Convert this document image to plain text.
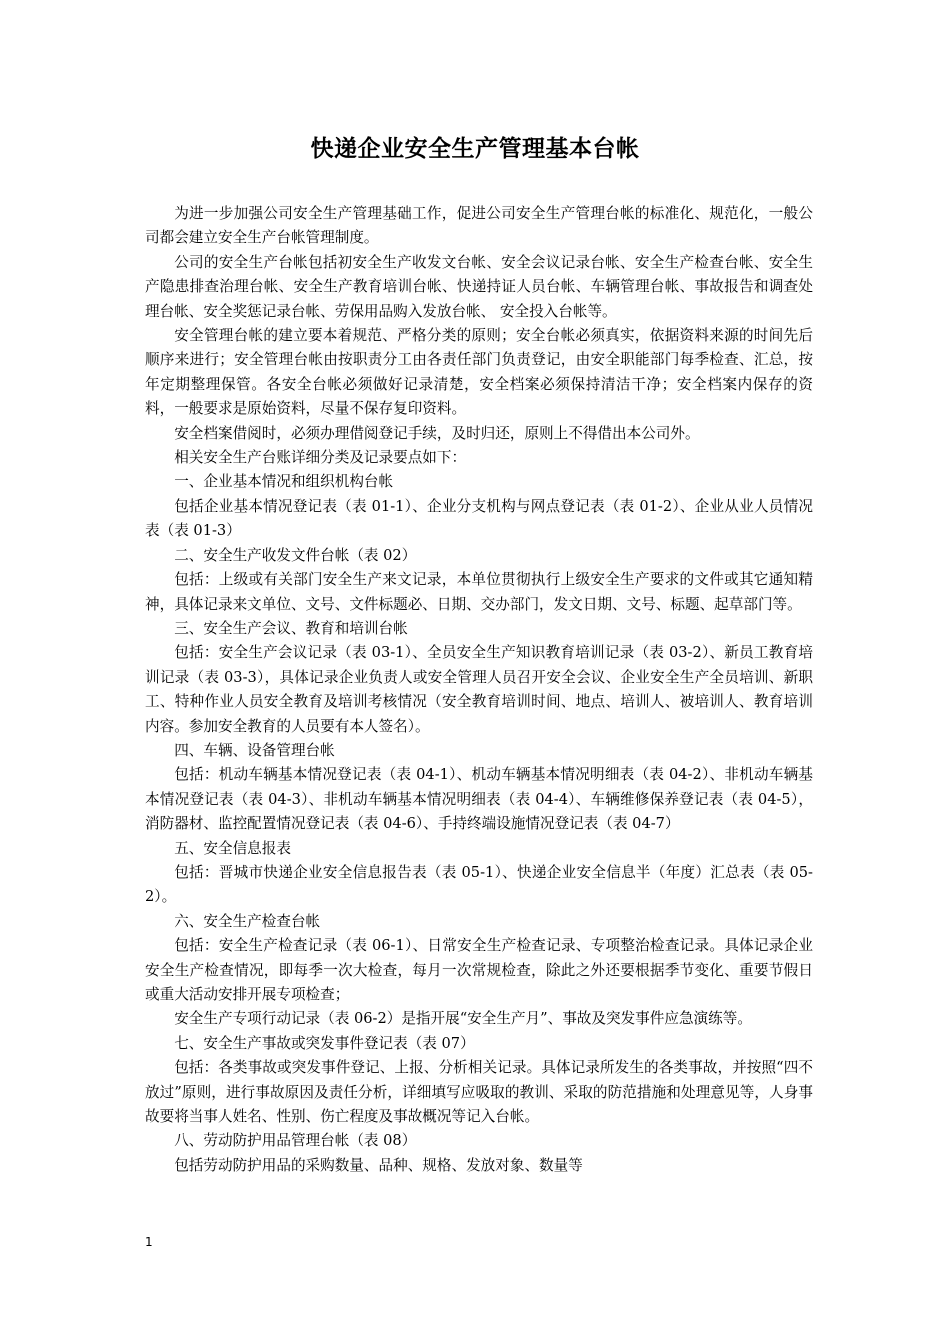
快递企业安全生产管理基本台帐

为进一步加强公司安全生产管理基础工作，促进公司安全生产管理台帐的标准化、规范化，一般公司都会建立安全生产台帐管理制度。

公司的安全生产台帐包括初安全生产收发文台帐、安全会议记录台帐、安全生产检查台帐、安全生产隐患排查治理台帐、安全生产教育培训台帐、快递持证人员台帐、车辆管理台帐、事故报告和调查处理台帐、安全奖惩记录台帐、劳保用品购入发放台帐、 安全投入台帐等。

安全管理台帐的建立要本着规范、严格分类的原则；安全台帐必须真实，依据资料来源的时间先后顺序来进行；安全管理台帐由按职责分工由各责任部门负责登记，由安全职能部门每季检查、汇总，按年定期整理保管。各安全台帐必须做好记录清楚，安全档案必须保持清洁干净；安全档案内保存的资料，一般要求是原始资料，尽量不保存复印资料。

安全档案借阅时，必须办理借阅登记手续，及时归还，原则上不得借出本公司外。

相关安全生产台账详细分类及记录要点如下：

一、企业基本情况和组织机构台帐

包括企业基本情况登记表（表 01-1）、企业分支机构与网点登记表（表 01-2）、企业从业人员情况表（表 01-3）

二、安全生产收发文件台帐（表 02）

包括：上级或有关部门安全生产来文记录，本单位贯彻执行上级安全生产要求的文件或其它通知精神，具体记录来文单位、文号、文件标题必、日期、交办部门，发文日期、文号、标题、起草部门等。

三、安全生产会议、教育和培训台帐

包括：安全生产会议记录（表 03-1）、全员安全生产知识教育培训记录（表 03-2）、新员工教育培训记录（表 03-3），具体记录企业负责人或安全管理人员召开安全会议、企业安全生产全员培训、新职工、特种作业人员安全教育及培训考核情况（安全教育培训时间、地点、培训人、被培训人、教育培训内容。参加安全教育的人员要有本人签名）。

四、车辆、设备管理台帐

包括：机动车辆基本情况登记表（表 04-1）、机动车辆基本情况明细表（表 04-2）、非机动车辆基本情况登记表（表 04-3）、非机动车辆基本情况明细表（表 04-4）、车辆维修保养登记表（表 04-5），消防器材、监控配置情况登记表（表 04-6）、手持终端设施情况登记表（表 04-7）

五、安全信息报表

包括：晋城市快递企业安全信息报告表（表 05-1）、快递企业安全信息半（年度）汇总表（表 05-2）。

六、安全生产检查台帐

包括：安全生产检查记录（表 06-1）、日常安全生产检查记录、专项整治检查记录。具体记录企业安全生产检查情况，即每季一次大检查，每月一次常规检查，除此之外还要根据季节变化、重要节假日或重大活动安排开展专项检查；

安全生产专项行动记录（表 06-2）是指开展“安全生产月”、事故及突发事件应急演练等。

七、安全生产事故或突发事件登记表（表 07）

包括：各类事故或突发事件登记、上报、分析相关记录。具体记录所发生的各类事故，并按照“四不放过”原则，进行事故原因及责任分析，详细填写应吸取的教训、采取的防范措施和处理意见等，人身事故要将当事人姓名、性别、伤亡程度及事故概况等记入台帐。

八、劳动防护用品管理台帐（表 08）

包括劳动防护用品的采购数量、品种、规格、发放对象、数量等

1
